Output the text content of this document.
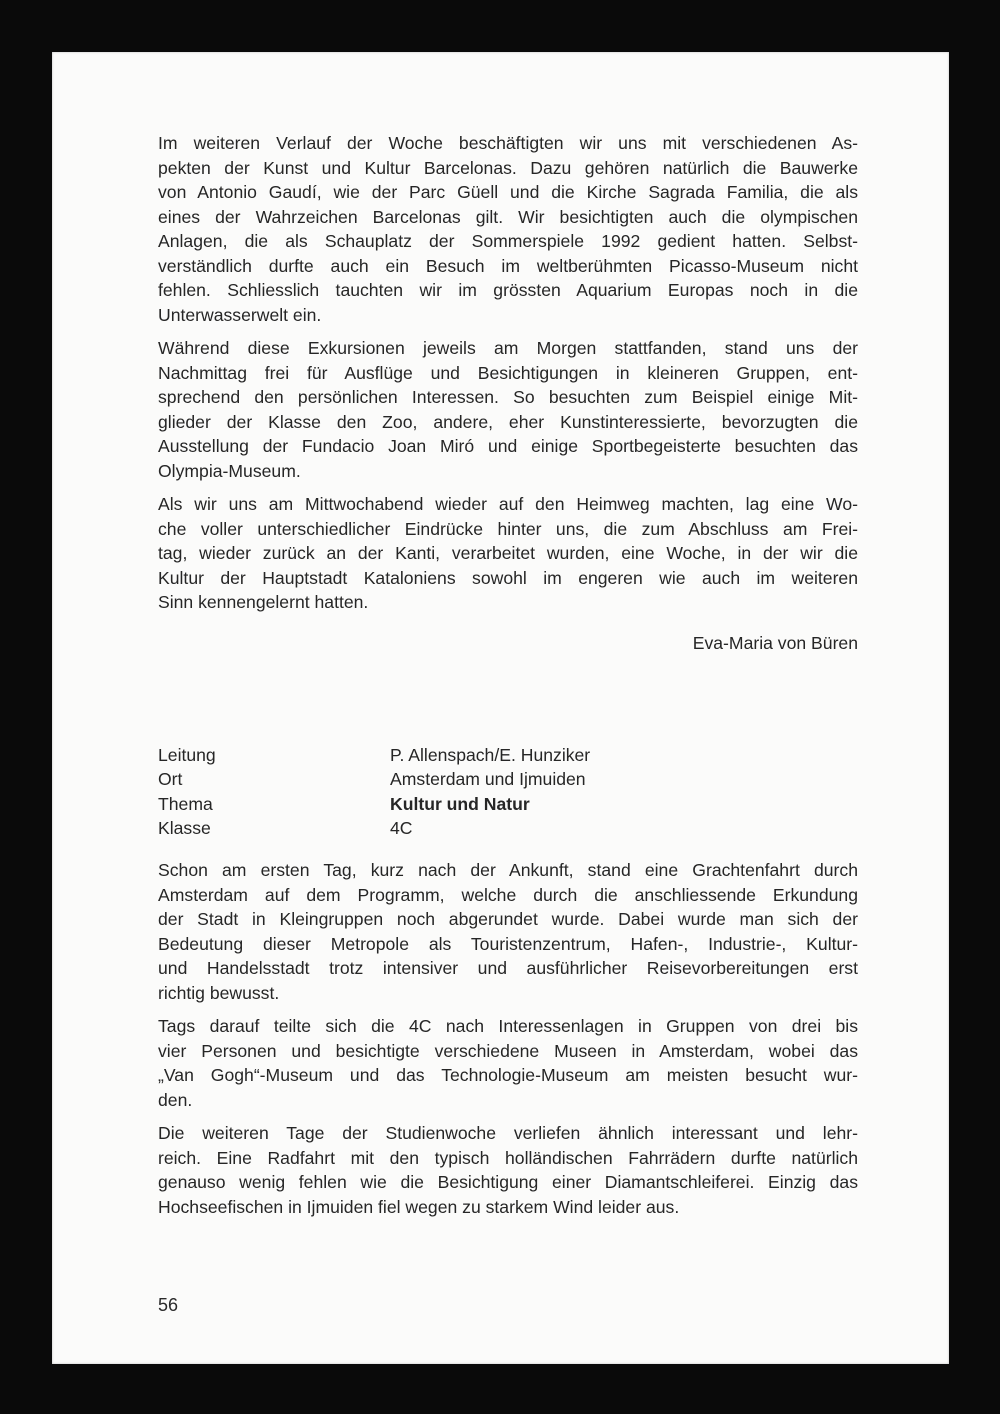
Im weiteren Verlauf der Woche beschäftigten wir uns mit verschiedenen As-
pekten der Kunst und Kultur Barcelonas. Dazu gehören natürlich die Bauwerke
von Antonio Gaudí, wie der Parc Güell und die Kirche Sagrada Familia, die als
eines der Wahrzeichen Barcelonas gilt. Wir besichtigten auch die olympischen
Anlagen, die als Schauplatz der Sommerspiele 1992 gedient hatten. Selbst-
verständlich durfte auch ein Besuch im weltberühmten Picasso-Museum nicht
fehlen. Schliesslich tauchten wir im grössten Aquarium Europas noch in die
Unterwasserwelt ein.
Während diese Exkursionen jeweils am Morgen stattfanden, stand uns der
Nachmittag frei für Ausflüge und Besichtigungen in kleineren Gruppen, ent-
sprechend den persönlichen Interessen. So besuchten zum Beispiel einige Mit-
glieder der Klasse den Zoo, andere, eher Kunstinteressierte, bevorzugten die
Ausstellung der Fundacio Joan Miró und einige Sportbegeisterte besuchten das
Olympia-Museum.
Als wir uns am Mittwochabend wieder auf den Heimweg machten, lag eine Wo-
che voller unterschiedlicher Eindrücke hinter uns, die zum Abschluss am Frei-
tag, wieder zurück an der Kanti, verarbeitet wurden, eine Woche, in der wir die
Kultur der Hauptstadt Kataloniens sowohl im engeren wie auch im weiteren
Sinn kennengelernt hatten.
Eva-Maria von Büren
Leitung	P. Allenspach/E. Hunziker
Ort	Amsterdam und Ijmuiden
Thema	Kultur und Natur
Klasse	4C
Schon am ersten Tag, kurz nach der Ankunft, stand eine Grachtenfahrt durch
Amsterdam auf dem Programm, welche durch die anschliessende Erkundung
der Stadt in Kleingruppen noch abgerundet wurde. Dabei wurde man sich der
Bedeutung dieser Metropole als Touristenzentrum, Hafen-, Industrie-, Kultur-
und Handelsstadt trotz intensiver und ausführlicher Reisevorbereitungen erst
richtig bewusst.
Tags darauf teilte sich die 4C nach Interessenlagen in Gruppen von drei bis
vier Personen und besichtigte verschiedene Museen in Amsterdam, wobei das
„Van Gogh“-Museum und das Technologie-Museum am meisten besucht wur-
den.
Die weiteren Tage der Studienwoche verliefen ähnlich interessant und lehr-
reich. Eine Radfahrt mit den typisch holländischen Fahrrädern durfte natürlich
genauso wenig fehlen wie die Besichtigung einer Diamantschleiferei. Einzig das
Hochseefischen in Ijmuiden fiel wegen zu starkem Wind leider aus.
56
